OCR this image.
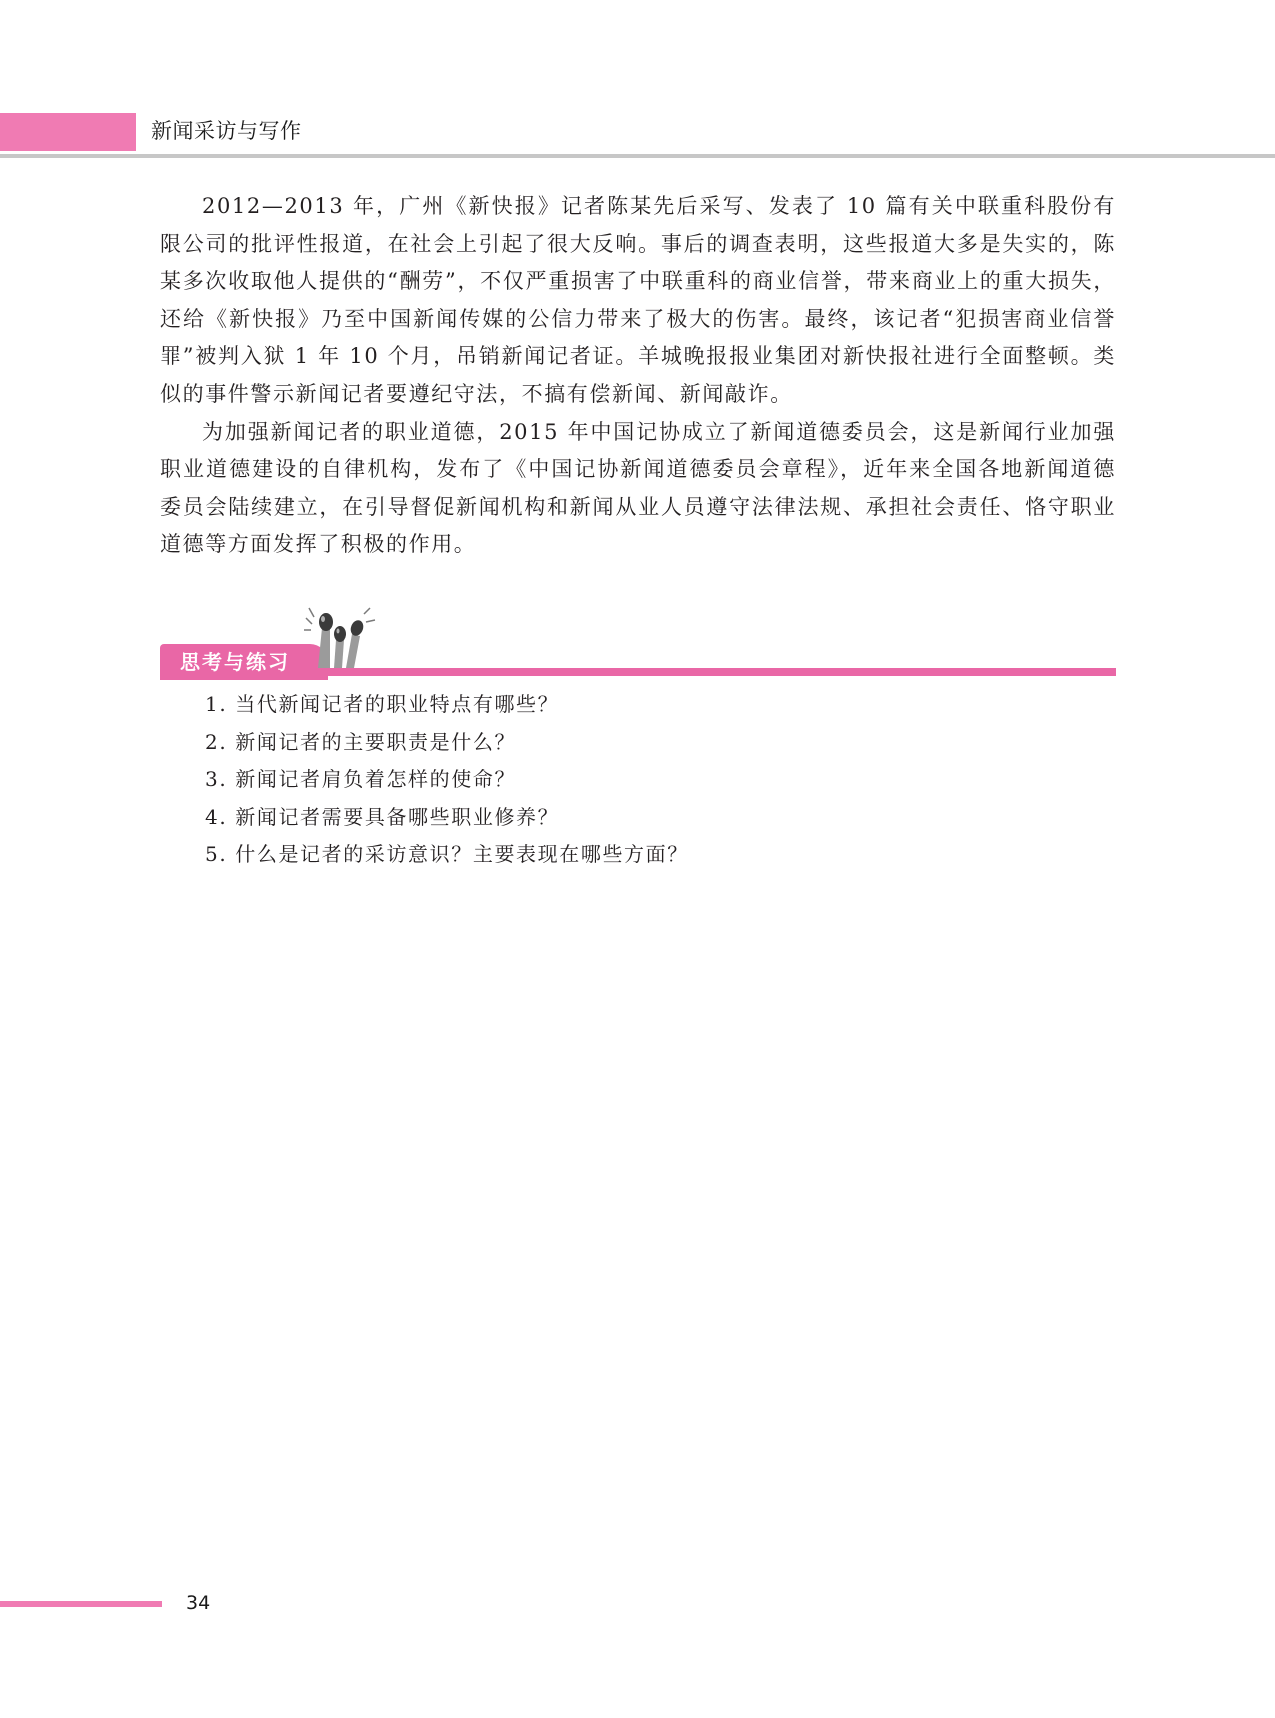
新闻采访与写作

2012—2013 年，广州《新快报》记者陈某先后采写、发表了 10 篇有关中联重科股份有限公司的批评性报道，在社会上引起了很大反响。事后的调查表明，这些报道大多是失实的，陈某多次收取他人提供的“酬劳”，不仅严重损害了中联重科的商业信誉，带来商业上的重大损失，还给《新快报》乃至中国新闻传媒的公信力带来了极大的伤害。最终，该记者“犯损害商业信誉罪”被判入狱 1 年 10 个月，吊销新闻记者证。羊城晚报报业集团对新快报社进行全面整顿。类似的事件警示新闻记者要遵纪守法，不搞有偿新闻、新闻敲诈。

为加强新闻记者的职业道德，2015 年中国记协成立了新闻道德委员会，这是新闻行业加强职业道德建设的自律机构，发布了《中国记协新闻道德委员会章程》，近年来全国各地新闻道德委员会陆续建立，在引导督促新闻机构和新闻从业人员遵守法律法规、承担社会责任、恪守职业道德等方面发挥了积极的作用。

思考与练习
1. 当代新闻记者的职业特点有哪些？
2. 新闻记者的主要职责是什么？
3. 新闻记者肩负着怎样的使命？
4. 新闻记者需要具备哪些职业修养？
5. 什么是记者的采访意识？主要表现在哪些方面？
34
